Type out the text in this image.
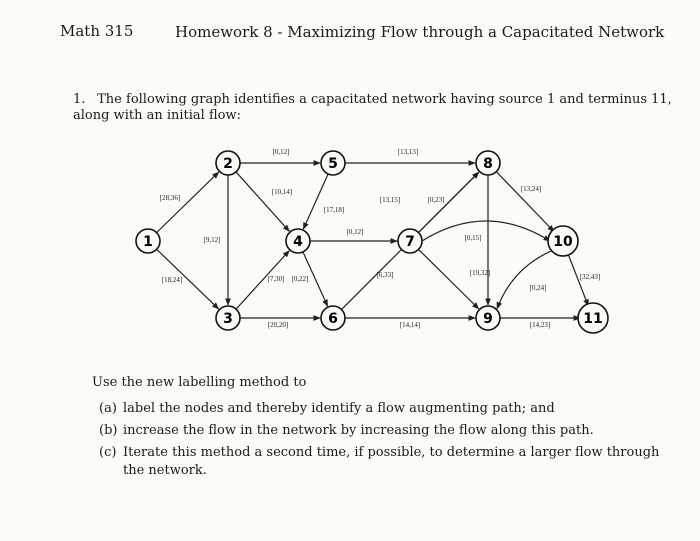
Math 315	Homework 8 - Maximizing Flow through a Capacitated Network
1. The following graph identifies a capacitated network having source 1 and terminus 11, along with an initial flow:
[28,36]
[18,24]
[9,12]
[0,12]
[10,14]
[7,30]
[20,20]
[17,18]
[13,13]
[0,12]
[0,22]
[13,15]
[14,14]
[0,23]
[6,33]
[13,24]
[0,15]
[19,32]
[0,24]
[32,43]
[14,23]
1
2
3
4
5
6
7
8
9
10
11
Use the new labelling method to
(a) label the nodes and thereby identify a flow augmenting path; and
(b) increase the flow in the network by increasing the flow along this path.
(c) Iterate this method a second time, if possible, to determine a larger flow through the network.
